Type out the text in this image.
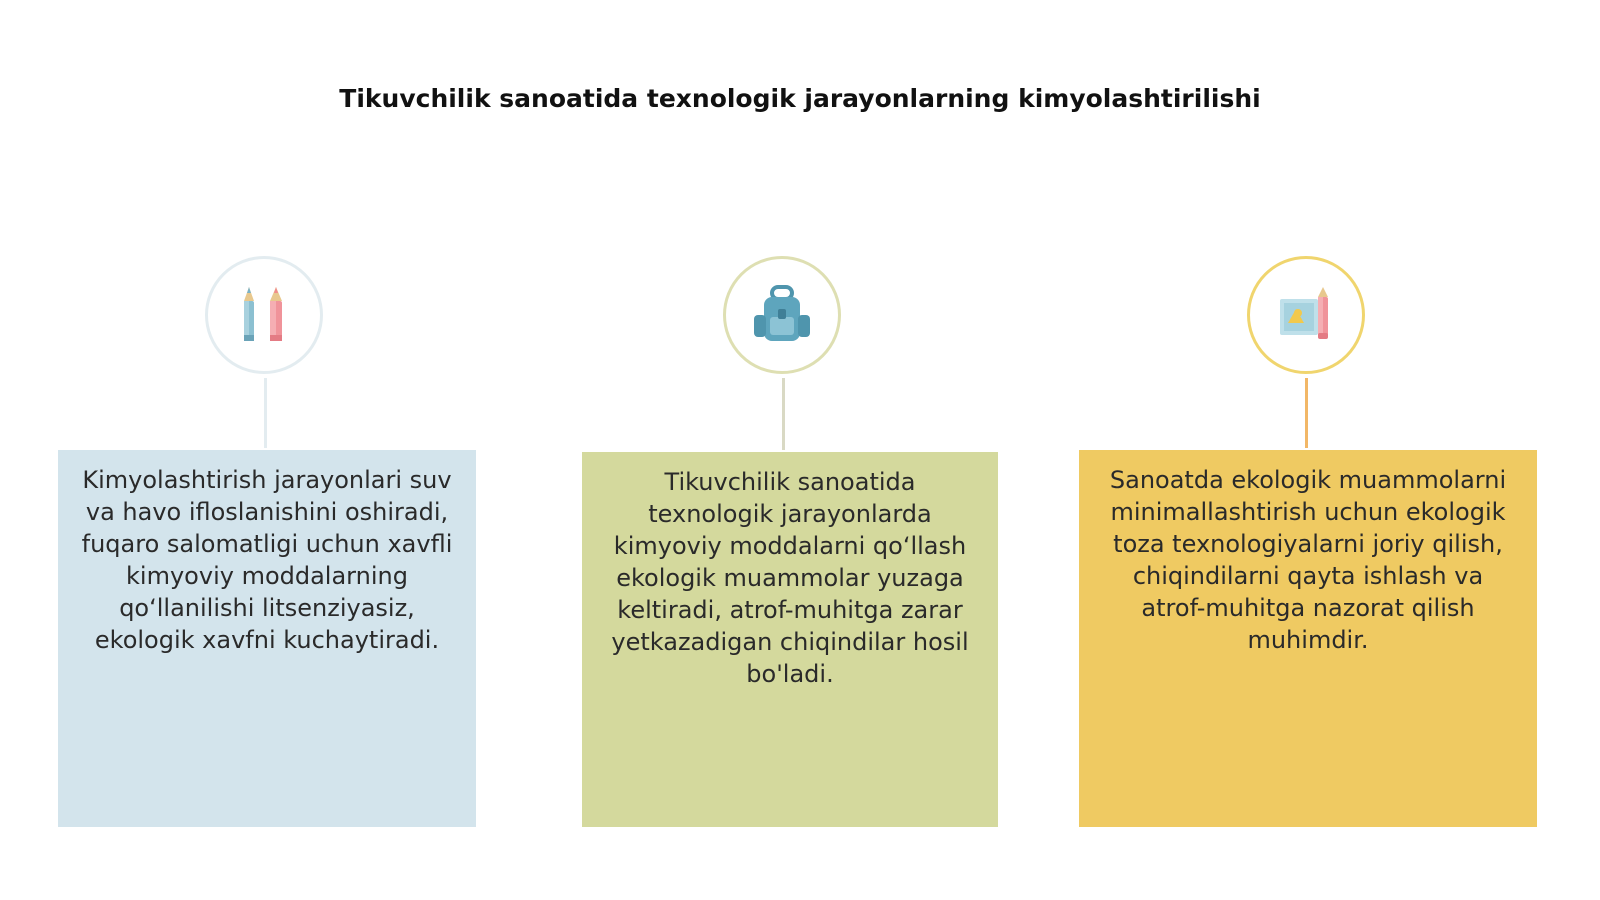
Tikuvchilik sanoatida texnologik jarayonlarning kimyolashtirilishi
Kimyolashtirish jarayonlari suv va havo ifloslanishini oshiradi, fuqaro salomatligi uchun xavfli kimyoviy moddalarning qo‘llanilishi litsenziyasiz, ekologik xavfni kuchaytiradi.
Tikuvchilik sanoatida texnologik jarayonlarda kimyoviy moddalarni qo‘llash ekologik muammolar yuzaga keltiradi, atrof-muhitga zarar yetkazadigan chiqindilar hosil bo'ladi.
Sanoatda ekologik muammolarni minimallashtirish uchun ekologik toza texnologiyalarni joriy qilish, chiqindilarni qayta ishlash va atrof-muhitga nazorat qilish muhimdir.
